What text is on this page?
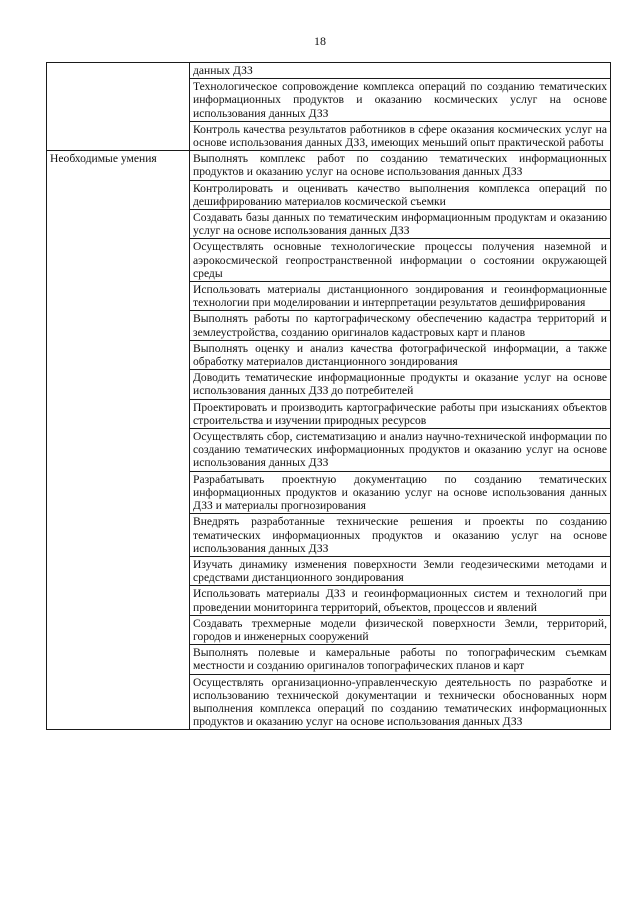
18
	данных ДЗЗ
	Технологическое сопровождение комплекса операций по созданию тематических информационных продуктов и оказанию космических услуг на основе использования данных ДЗЗ
	Контроль качества результатов работников в сфере оказания космических услуг на основе использования данных ДЗЗ, имеющих меньший опыт практической работы
Необходимые умения	Выполнять комплекс работ по созданию тематических информационных продуктов и оказанию услуг на основе использования данных ДЗЗ
	Контролировать и оценивать качество выполнения комплекса операций по дешифрированию материалов космической съемки
	Создавать базы данных по тематическим информационным продуктам и оказанию услуг на основе использования данных ДЗЗ
	Осуществлять основные технологические процессы получения наземной и аэрокосмической геопространственной информации о состоянии окружающей среды
	Использовать материалы дистанционного зондирования и геоинформационные технологии при моделировании и интерпретации результатов дешифрирования
	Выполнять работы по картографическому обеспечению кадастра территорий и землеустройства, созданию оригиналов кадастровых карт и планов
	Выполнять оценку и анализ качества фотографической информации, а также обработку материалов дистанционного зондирования
	Доводить тематические информационные продукты и оказание услуг на основе использования данных ДЗЗ до потребителей
	Проектировать и производить картографические работы при изысканиях объектов строительства и изучении природных ресурсов
	Осуществлять сбор, систематизацию и анализ научно-технической информации по созданию тематических информационных продуктов и оказанию услуг на основе использования данных ДЗЗ
	Разрабатывать проектную документацию по созданию тематических информационных продуктов и оказанию услуг на основе использования данных ДЗЗ и материалы прогнозирования
	Внедрять разработанные технические решения и проекты по созданию тематических информационных продуктов и оказанию услуг на основе использования данных ДЗЗ
	Изучать динамику изменения поверхности Земли геодезическими методами и средствами дистанционного зондирования
	Использовать материалы ДЗЗ и геоинформационных систем и технологий при проведении мониторинга территорий, объектов, процессов и явлений
	Создавать трехмерные модели физической поверхности Земли, территорий, городов и инженерных сооружений
	Выполнять полевые и камеральные работы по топографическим съемкам местности и созданию оригиналов топографических планов и карт
	Осуществлять организационно-управленческую деятельность по разработке и использованию технической документации и технически обоснованных норм выполнения комплекса операций по созданию тематических информационных продуктов и оказанию услуг на основе использования данных ДЗЗ
